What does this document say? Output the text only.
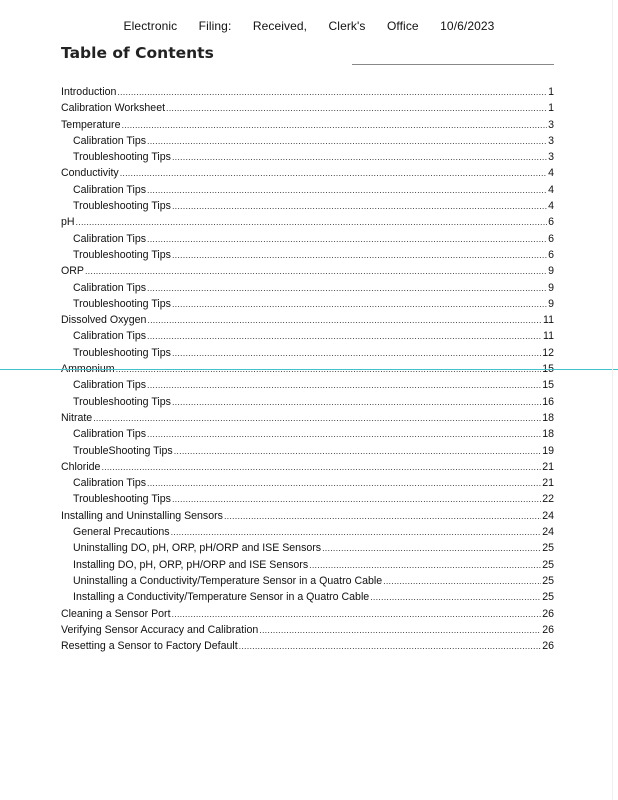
Electronic Filing: Received, Clerk's Office 10/6/2023
Table of Contents
Introduction .....	1
Calibration Worksheet .....	1
Temperature .....	3
Calibration Tips .....	3
Troubleshooting Tips .....	3
Conductivity .....	4
Calibration Tips .....	4
Troubleshooting Tips .....	4
pH .....	6
Calibration Tips .....	6
Troubleshooting Tips .....	6
ORP .....	9
Calibration Tips .....	9
Troubleshooting Tips .....	9
Dissolved Oxygen .....	11
Calibration Tips .....	11
Troubleshooting Tips .....	12
Ammonium .....	15
Calibration Tips .....	15
Troubleshooting Tips .....	16
Nitrate .....	18
Calibration Tips .....	18
TroubleShooting Tips .....	19
Chloride .....	21
Calibration Tips .....	21
Troubleshooting Tips .....	22
Installing and Uninstalling Sensors .....	24
General Precautions .....	24
Uninstalling DO, pH, ORP, pH/ORP and ISE Sensors .....	25
Installing DO, pH, ORP, pH/ORP and ISE Sensors .....	25
Uninstalling a Conductivity/Temperature Sensor in a Quatro Cable .....	25
Installing a Conductivity/Temperature Sensor in a Quatro Cable .....	25
Cleaning a Sensor Port .....	26
Verifying Sensor Accuracy and Calibration .....	26
Resetting a Sensor to Factory Default .....	26
